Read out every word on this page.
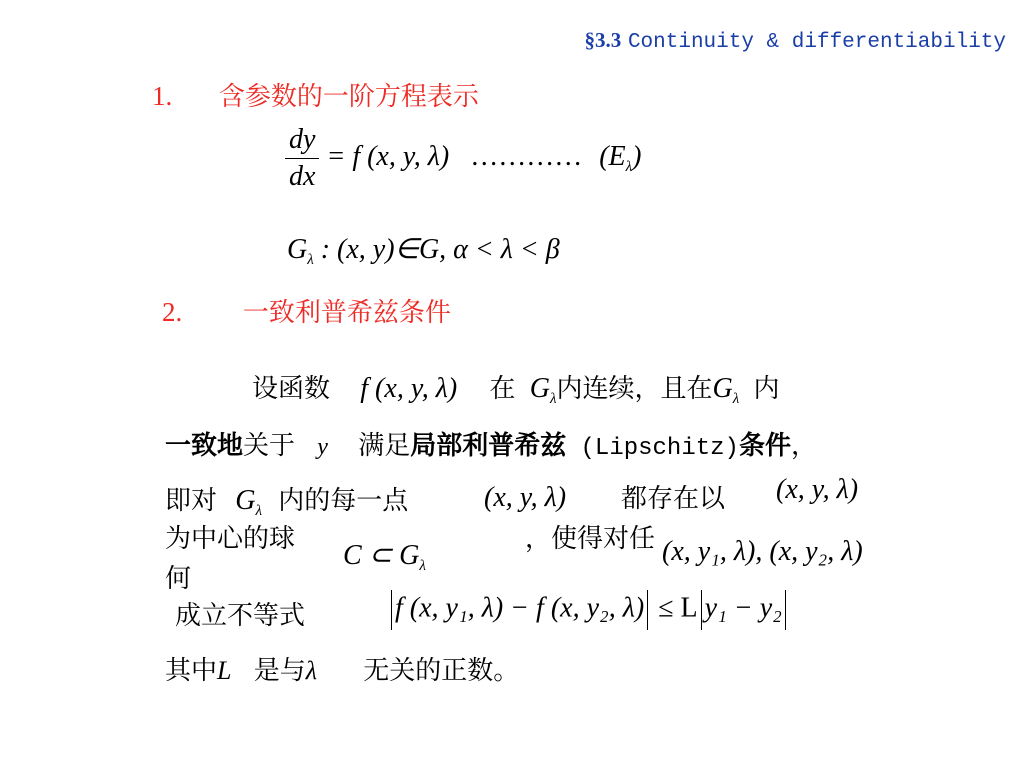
§3.3 Continuity & differentiability
1. 含参数的一阶方程表示
$\frac{dy}{dx} = f$ (x, y, λ) ………… $(E_\lambda)$
$G_\lambda$ : (x, y)∈G, α < λ < β
2. 一致利普希兹条件
设函数 f (x, y, λ) 在 $G_\lambda$内连续，且在$G_\lambda$ 内
一致地关于 y 满足局部利普希兹 (Lipschitz)条件，
即对 $G_\lambda$ 内的每一点	(x, y, λ) 都存在以 (x, y, λ)
为中心的球
C ⊂ $G_\lambda$
，使得对任
何
(x, y₁, λ), (x, y₂, λ)
成立不等式	f (x, y₁, λ) − f (x, y₂, λ) ≤ L y₁ − y₂
其中L 是与λ 无关的正数。
